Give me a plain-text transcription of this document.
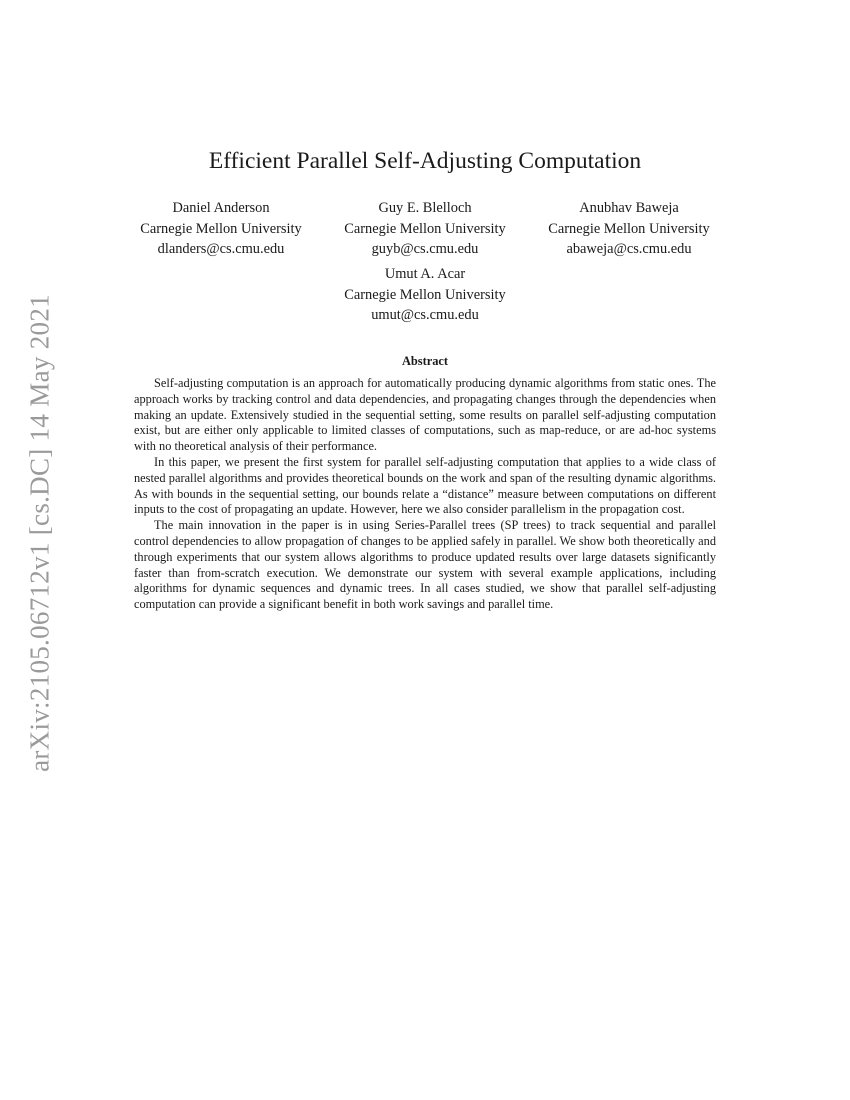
arXiv:2105.06712v1 [cs.DC] 14 May 2021
Efficient Parallel Self-Adjusting Computation
Daniel Anderson
Carnegie Mellon University
dlanders@cs.cmu.edu
Guy E. Blelloch
Carnegie Mellon University
guyb@cs.cmu.edu
Anubhav Baweja
Carnegie Mellon University
abaweja@cs.cmu.edu
Umut A. Acar
Carnegie Mellon University
umut@cs.cmu.edu
Abstract

Self-adjusting computation is an approach for automatically producing dynamic algorithms from static ones. The approach works by tracking control and data dependencies, and propagating changes through the dependencies when making an update. Extensively studied in the sequential setting, some results on parallel self-adjusting computation exist, but are either only applicable to limited classes of computations, such as map-reduce, or are ad-hoc systems with no theoretical analysis of their performance.

In this paper, we present the first system for parallel self-adjusting computation that applies to a wide class of nested parallel algorithms and provides theoretical bounds on the work and span of the resulting dynamic algorithms. As with bounds in the sequential setting, our bounds relate a “distance” measure between computations on different inputs to the cost of propagating an update. However, here we also consider parallelism in the propagation cost.

The main innovation in the paper is in using Series-Parallel trees (SP trees) to track sequential and parallel control dependencies to allow propagation of changes to be applied safely in parallel. We show both theoretically and through experiments that our system allows algorithms to produce updated results over large datasets significantly faster than from-scratch execution. We demonstrate our system with several example applications, including algorithms for dynamic sequences and dynamic trees. In all cases studied, we show that parallel self-adjusting computation can provide a significant benefit in both work savings and parallel time.
